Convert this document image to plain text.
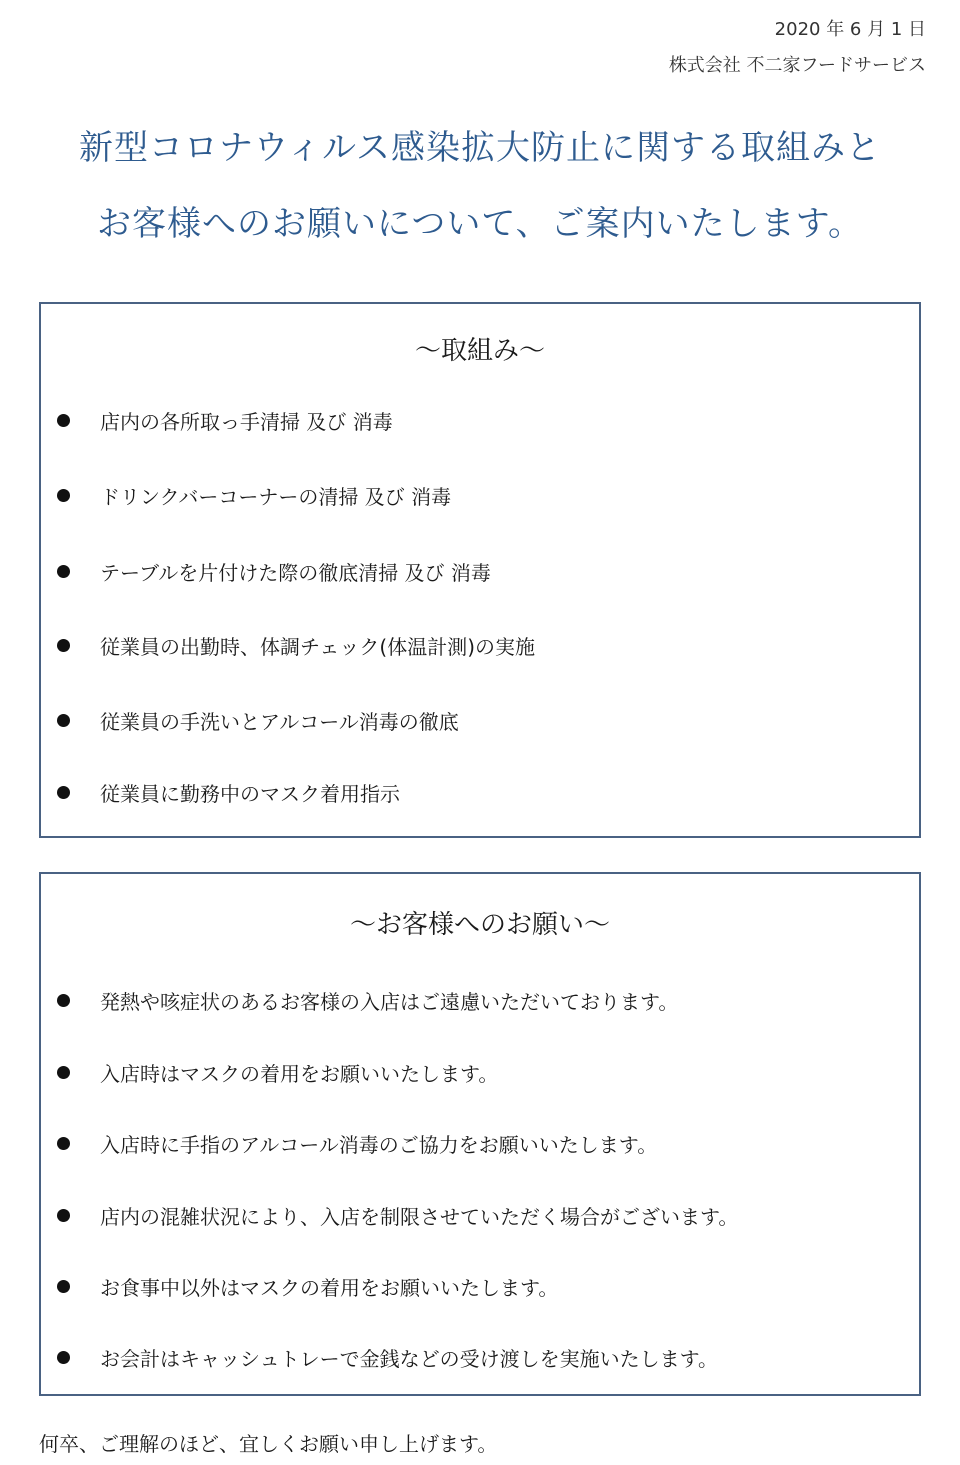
2020 年 6 月 1 日
株式会社 不二家フードサービス
新型コロナウィルス感染拡大防止に関する取組みと
お客様へのお願いについて、ご案内いたします。
～取組み～
店内の各所取っ手清掃 及び 消毒
ドリンクバーコーナーの清掃 及び 消毒
テーブルを片付けた際の徹底清掃 及び 消毒
従業員の出勤時、体調チェック(体温計測)の実施
従業員の手洗いとアルコール消毒の徹底
従業員に勤務中のマスク着用指示
～お客様へのお願い～
発熱や咳症状のあるお客様の入店はご遠慮いただいております。
入店時はマスクの着用をお願いいたします。
入店時に手指のアルコール消毒のご協力をお願いいたします。
店内の混雑状況により、入店を制限させていただく場合がございます。
お食事中以外はマスクの着用をお願いいたします。
お会計はキャッシュトレーで金銭などの受け渡しを実施いたします。
何卒、ご理解のほど、宜しくお願い申し上げます。
